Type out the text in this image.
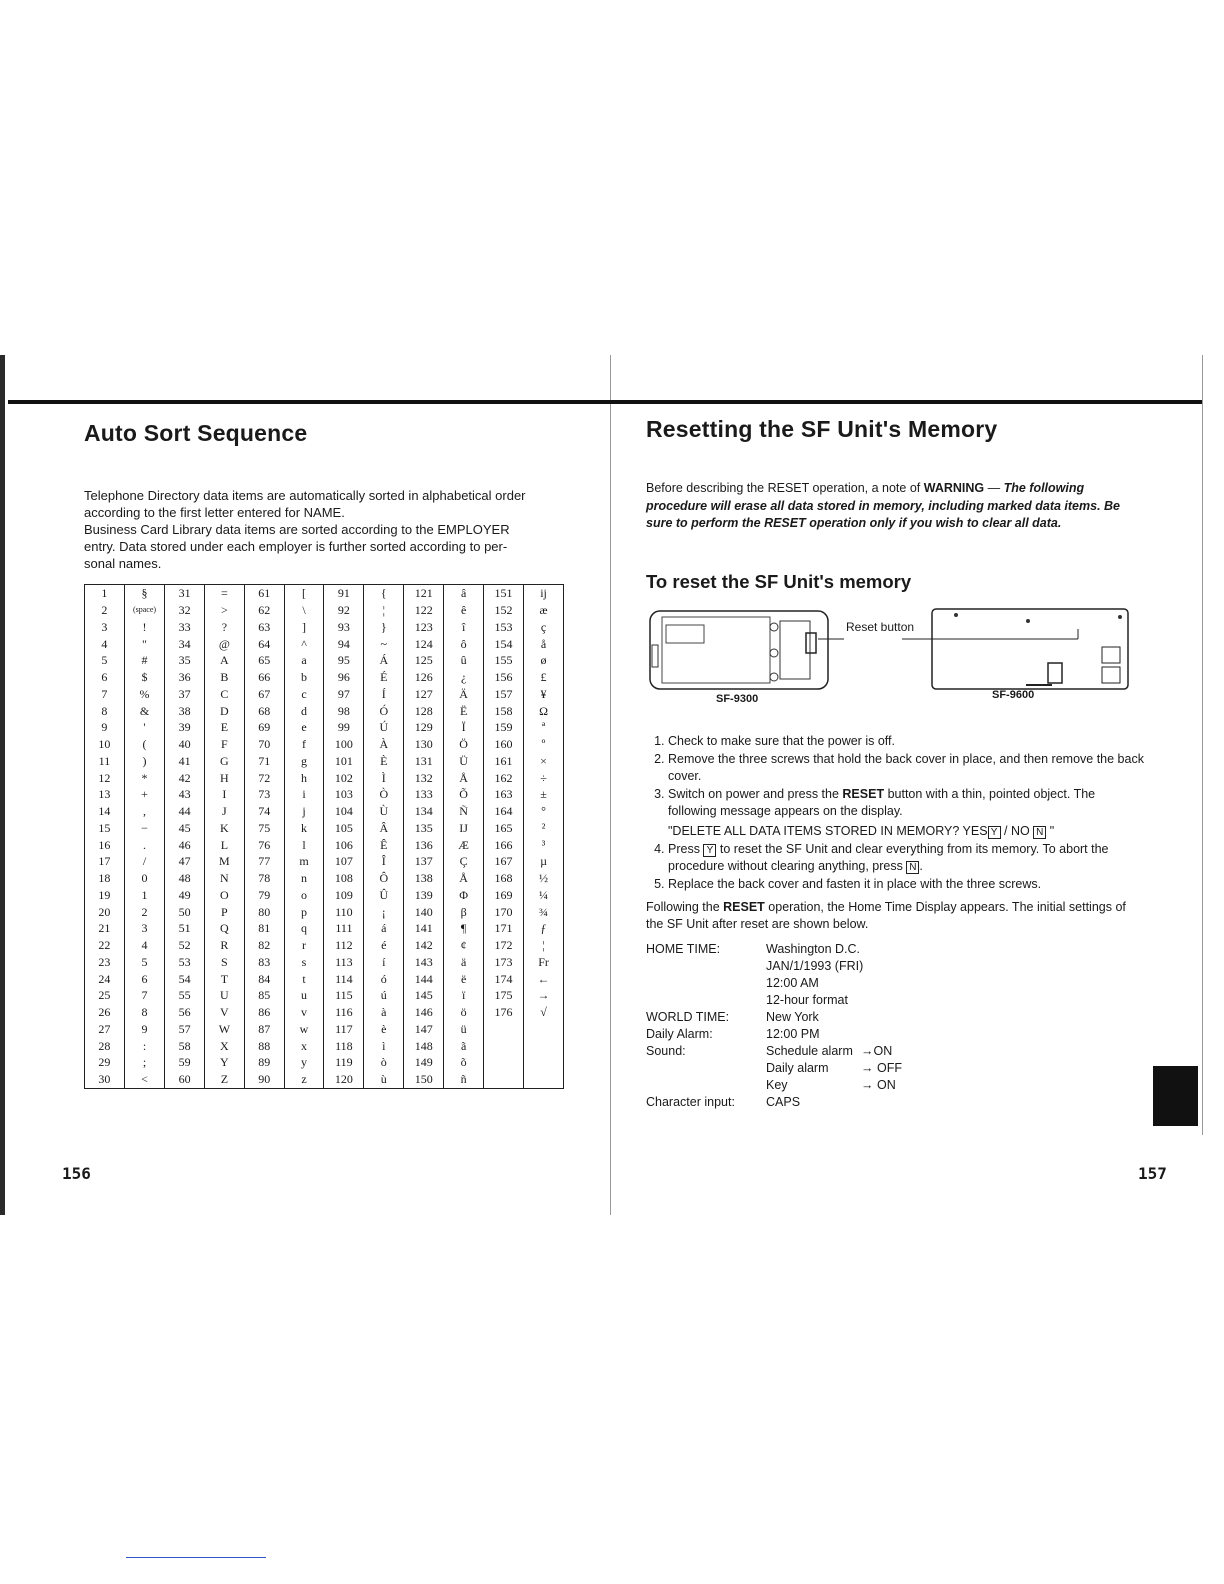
Auto Sort Sequence

Telephone Directory data items are automatically sorted in alphabetical order

according to the first letter entered for NAME.

Business Card Library data items are sorted according to the EMPLOYER

entry. Data stored under each employer is further sorted according to per-

sonal names.

1	§	31	=	61	[	91	{	121	â	151	ij
2	(space)	32	>	62	\	92	¦	122	ê	152	æ
3	!	33	?	63	]	93	}	123	î	153	ç
4	"	34	@	64	^	94	~	124	ô	154	å
5	#	35	A	65	a	95	Á	125	û	155	ø
6	$	36	B	66	b	96	É	126	¿	156	£
7	%	37	C	67	c	97	Í	127	Ä	157	¥
8	&	38	D	68	d	98	Ó	128	Ë	158	Ω
9	'	39	E	69	e	99	Ú	129	Ï	159	ª
10	(	40	F	70	f	100	À	130	Ö	160	º
11	)	41	G	71	g	101	È	131	Ü	161	×
12	*	42	H	72	h	102	Ì	132	Å	162	÷
13	+	43	I	73	i	103	Ò	133	Õ	163	±
14	,	44	J	74	j	104	Ù	134	Ñ	164	°
15	−	45	K	75	k	105	Â	135	IJ	165	²
16	.	46	L	76	l	106	Ê	136	Æ	166	³
17	/	47	M	77	m	107	Î	137	Ç	167	µ
18	0	48	N	78	n	108	Ô	138	Å	168	½
19	1	49	O	79	o	109	Û	139	Φ	169	¼
20	2	50	P	80	p	110	¡	140	β	170	¾
21	3	51	Q	81	q	111	á	141	¶	171	ƒ
22	4	52	R	82	r	112	é	142	¢	172	¦
23	5	53	S	83	s	113	í	143	ä	173	Fr
24	6	54	T	84	t	114	ó	144	ë	174	←
25	7	55	U	85	u	115	ú	145	ï	175	→
26	8	56	V	86	v	116	à	146	ö	176	√
27	9	57	W	87	w	117	è	147	ü		
28	:	58	X	88	x	118	ì	148	ã		
29	;	59	Y	89	y	119	ò	149	õ		
30	<	60	Z	90	z	120	ù	150	ñ		
156
Resetting the SF Unit's Memory
Before describing the RESET operation, a note of WARNING — The following procedure will erase all data stored in memory, including marked data items. Be sure to perform the RESET operation only if you wish to clear all data.
To reset the SF Unit's memory
Reset button
SF-9300	SF-9600
1. Check to make sure that the power is off.
2. Remove the three screws that hold the back cover in place, and then remove the back cover.
3. Switch on power and press the RESET button with a thin, pointed object. The following message appears on the display.
"DELETE ALL DATA ITEMS STORED IN MEMORY? YES Y / NO N "
4. Press Y to reset the SF Unit and clear everything from its memory. To abort the procedure without clearing anything, press N .
5. Replace the back cover and fasten it in place with the three screws.
Following the RESET operation, the Home Time Display appears. The initial settings of the SF Unit after reset are shown below.
HOME TIME:	Washington D.C.
JAN/1/1993 (FRI)
12:00 AM
12-hour format
WORLD TIME:	New York
Daily Alarm:	12:00 PM
Sound:	Schedule alarm →ON
Daily alarm	→ OFF
Key	→ ON
Character input:	CAPS
157
